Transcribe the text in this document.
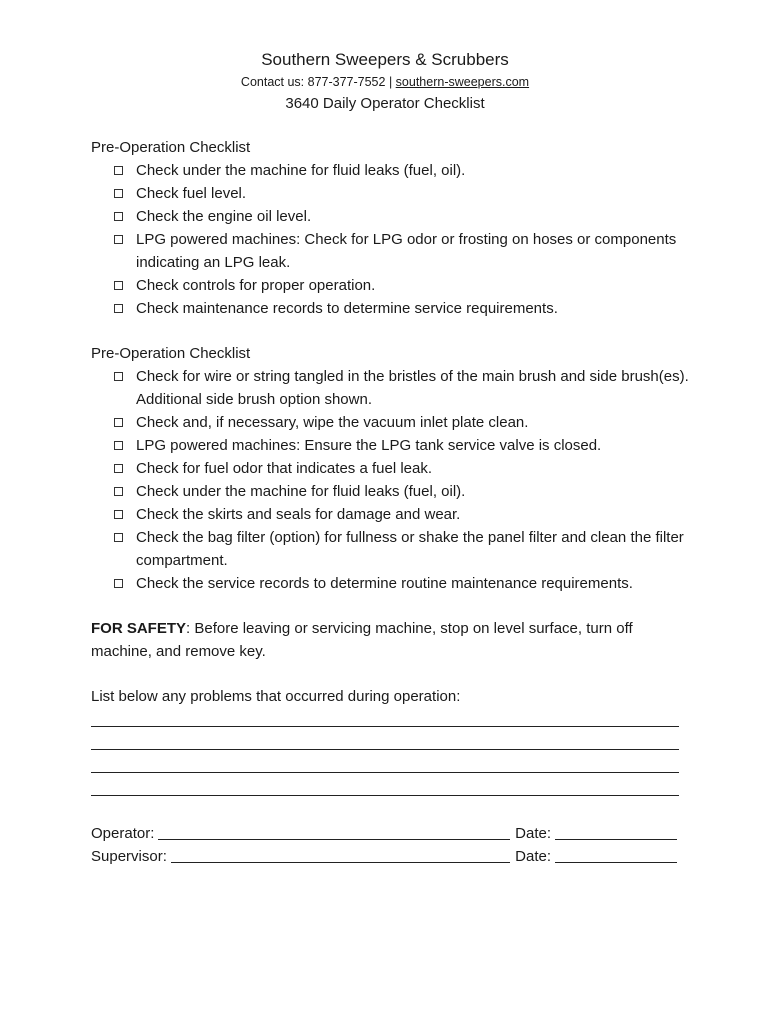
Southern Sweepers & Scrubbers
Contact us: 877-377-7552 | southern-sweepers.com
3640 Daily Operator Checklist
Pre-Operation Checklist
Check under the machine for fluid leaks (fuel, oil).
Check fuel level.
Check the engine oil level.
LPG powered machines: Check for LPG odor or frosting on hoses or components indicating an LPG leak.
Check controls for proper operation.
Check maintenance records to determine service requirements.
Pre-Operation Checklist
Check for wire or string tangled in the bristles of the main brush and side brush(es). Additional side brush option shown.
Check and, if necessary, wipe the vacuum inlet plate clean.
LPG powered machines: Ensure the LPG tank service valve is closed.
Check for fuel odor that indicates a fuel leak.
Check under the machine for fluid leaks (fuel, oil).
Check the skirts and seals for damage and wear.
Check the bag filter (option) for fullness or shake the panel filter and clean the filter compartment.
Check the service records to determine routine maintenance requirements.
FOR SAFETY: Before leaving or servicing machine, stop on level surface, turn off machine, and remove key.
List below any problems that occurred during operation:
Operator:	Date:
Supervisor:	Date:
